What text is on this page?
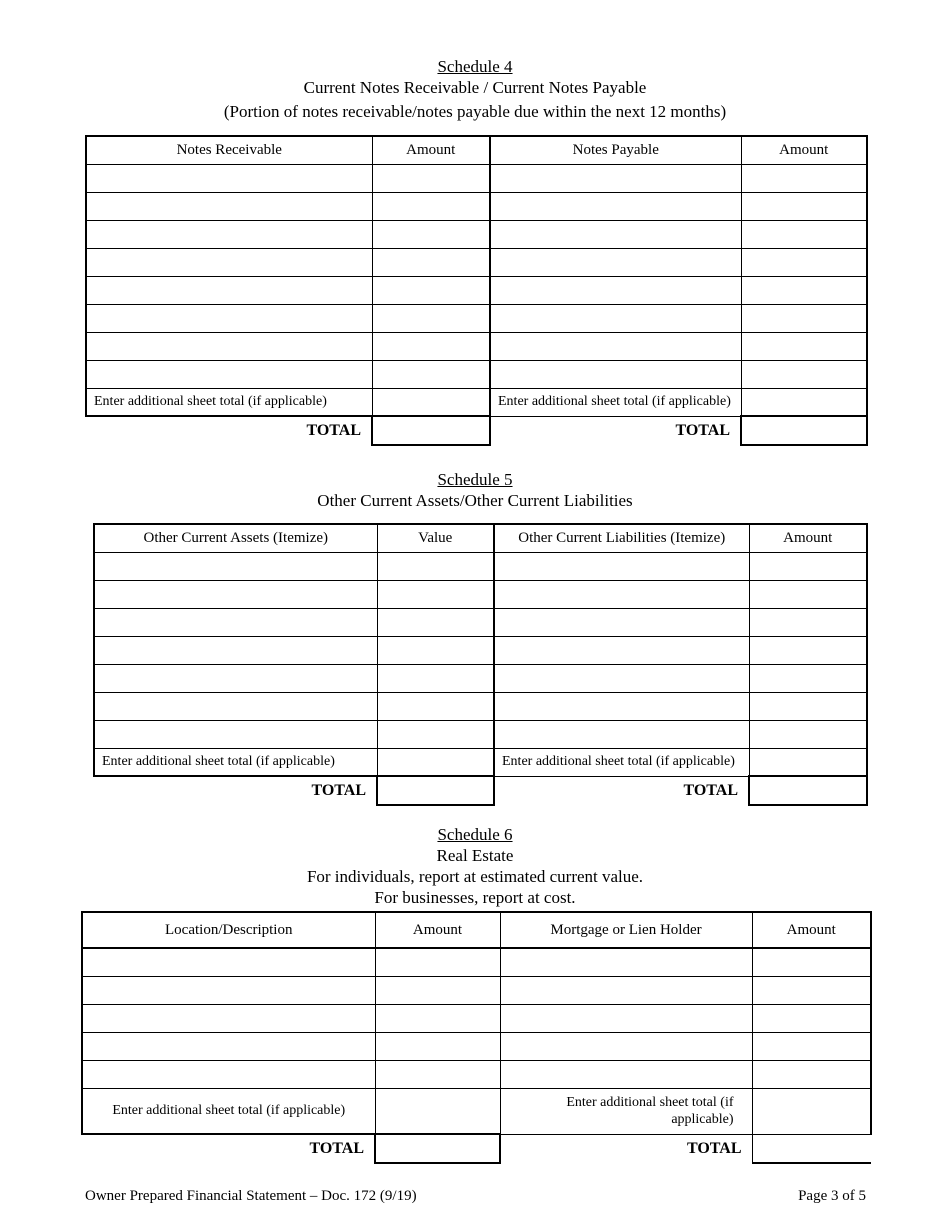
Schedule 4
Current Notes Receivable / Current Notes Payable
(Portion of notes receivable/notes payable due within the next 12 months)
Notes Receivable	Amount	Notes Payable	Amount

Enter additional sheet total (if applicable)		Enter additional sheet total (if applicable)	
TOTAL		TOTAL	
Schedule 5
Other Current Assets/Other Current Liabilities
Other Current Assets (Itemize)	Value	Other Current Liabilities (Itemize)	Amount

Enter additional sheet total (if applicable)		Enter additional sheet total (if applicable)	
TOTAL		TOTAL	
Schedule 6
Real Estate
For individuals, report at estimated current value.
For businesses, report at cost.
Location/Description	Amount	Mortgage or Lien Holder	Amount

Enter additional sheet total (if applicable)		Enter additional sheet total (if applicable)	
TOTAL		TOTAL	
Owner Prepared Financial Statement – Doc. 172 (9/19)	Page 3 of 5
